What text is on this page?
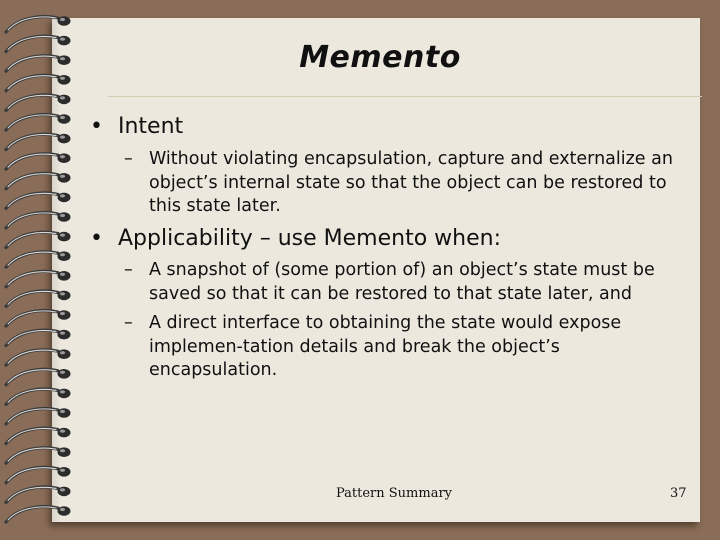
Memento
• Intent
– Without violating encapsulation, capture and externalize an object’s internal state so that the object can be restored to this state later.
• Applicability – use Memento when:
– A snapshot of (some portion of) an object’s state must be saved so that it can be restored to that state later, and
– A direct interface to obtaining the state would expose implemen-tation details and break the object’s encapsulation.
Pattern Summary	37
